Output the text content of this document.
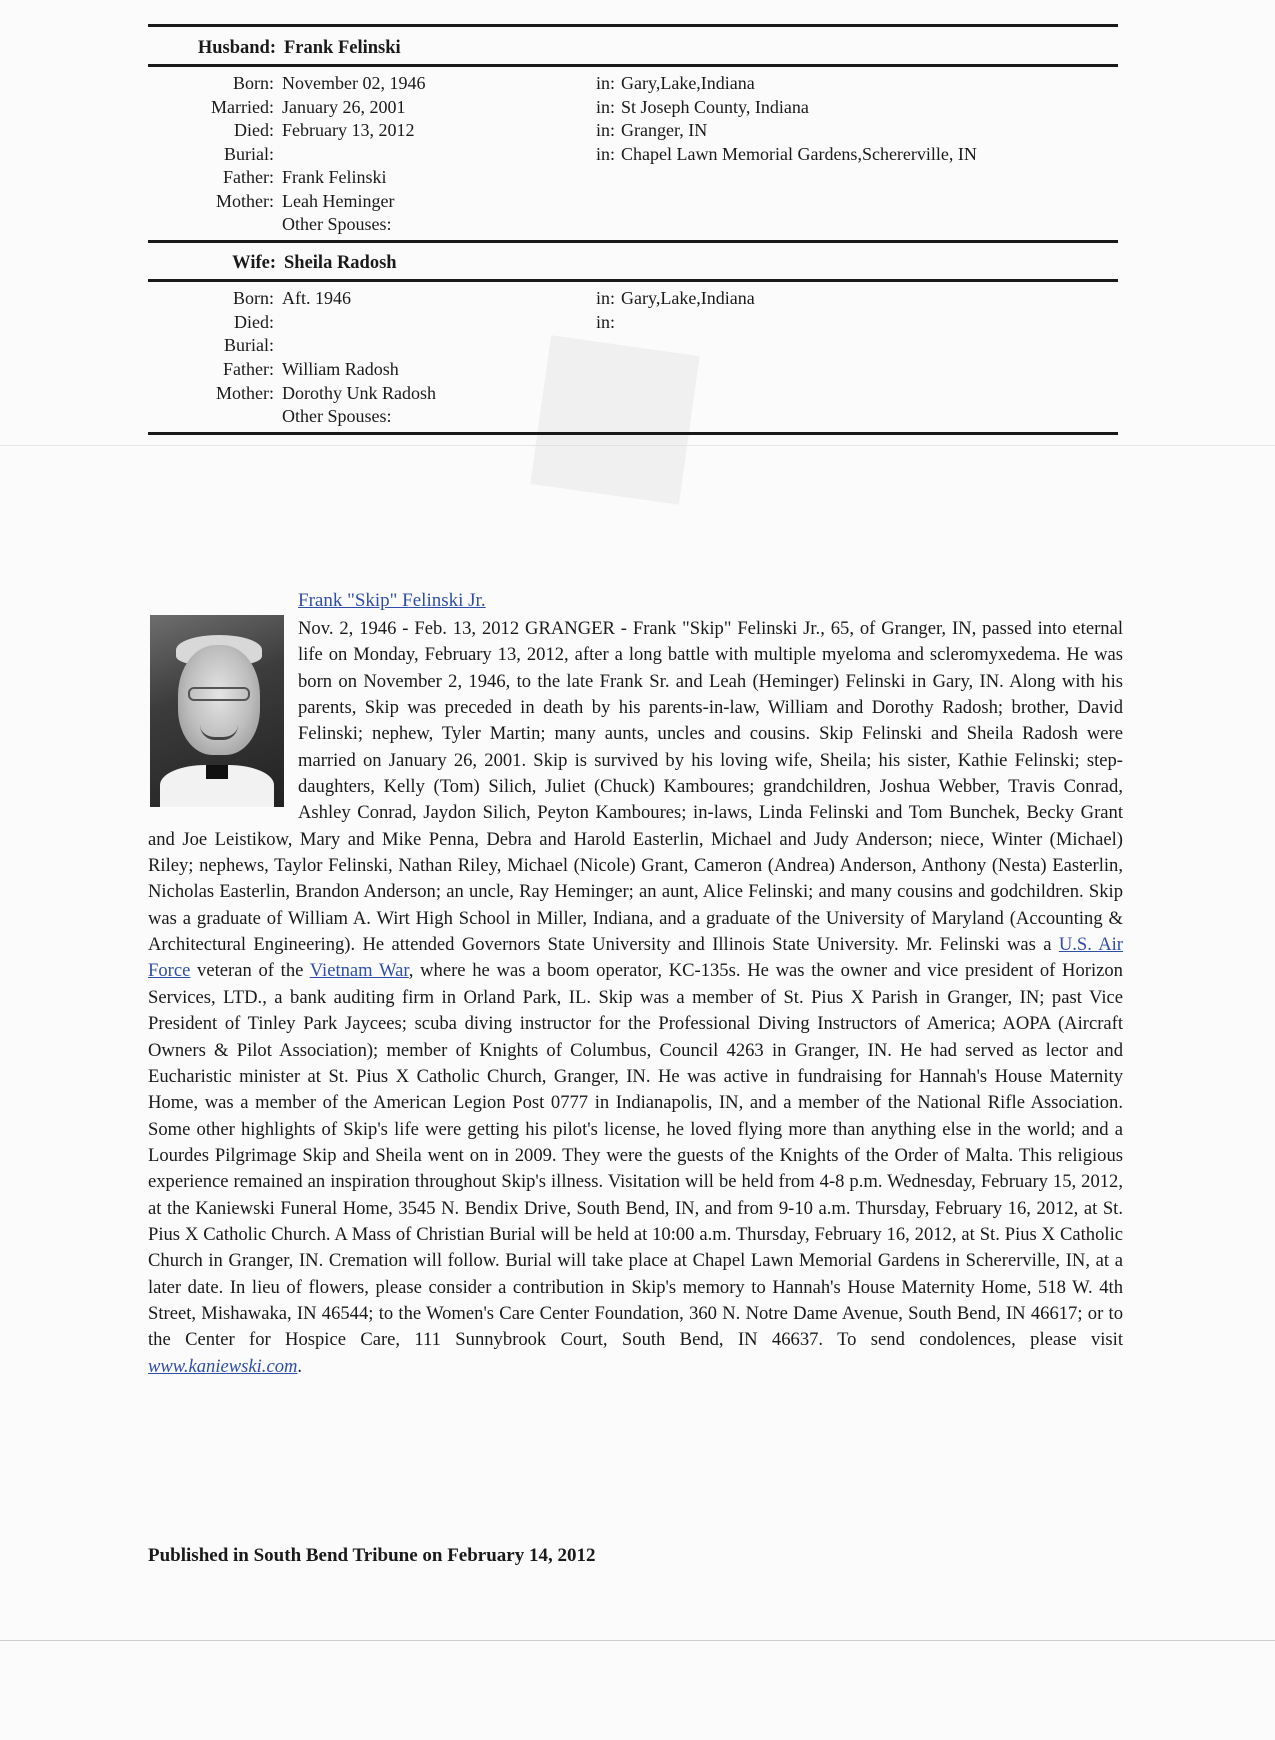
Husband: Frank Felinski
Born: November 02, 1946	in: Gary,Lake,Indiana
Married: January 26, 2001	in: St Joseph County, Indiana
Died: February 13, 2012	in: Granger, IN
Burial:	in: Chapel Lawn Memorial Gardens,Schererville, IN
Father: Frank Felinski
Mother: Leah Heminger
Other Spouses:
Wife: Sheila Radosh
Born: Aft. 1946	in: Gary,Lake,Indiana
Died:	in:
Burial:
Father: William Radosh
Mother: Dorothy Unk Radosh
Other Spouses:
Frank "Skip" Felinski Jr.
Nov. 2, 1946 - Feb. 13, 2012 GRANGER - Frank "Skip" Felinski Jr., 65, of Granger, IN, passed into eternal life on Monday, February 13, 2012, after a long battle with multiple myeloma and scleromyxedema. He was born on November 2, 1946, to the late Frank Sr. and Leah (Heminger) Felinski in Gary, IN. Along with his parents, Skip was preceded in death by his parents-in-law, William and Dorothy Radosh; brother, David Felinski; nephew, Tyler Martin; many aunts, uncles and cousins. Skip Felinski and Sheila Radosh were married on January 26, 2001. Skip is survived by his loving wife, Sheila; his sister, Kathie Felinski; step-daughters, Kelly (Tom) Silich, Juliet (Chuck) Kamboures; grandchildren, Joshua Webber, Travis Conrad, Ashley Conrad, Jaydon Silich, Peyton Kamboures; in-laws, Linda Felinski and Tom Bunchek, Becky Grant and Joe Leistikow, Mary and Mike Penna, Debra and Harold Easterlin, Michael and Judy Anderson; niece, Winter (Michael) Riley; nephews, Taylor Felinski, Nathan Riley, Michael (Nicole) Grant, Cameron (Andrea) Anderson, Anthony (Nesta) Easterlin, Nicholas Easterlin, Brandon Anderson; an uncle, Ray Heminger; an aunt, Alice Felinski; and many cousins and godchildren. Skip was a graduate of William A. Wirt High School in Miller, Indiana, and a graduate of the University of Maryland (Accounting & Architectural Engineering). He attended Governors State University and Illinois State University. Mr. Felinski was a U.S. Air Force veteran of the Vietnam War, where he was a boom operator, KC-135s. He was the owner and vice president of Horizon Services, LTD., a bank auditing firm in Orland Park, IL. Skip was a member of St. Pius X Parish in Granger, IN; past Vice President of Tinley Park Jaycees; scuba diving instructor for the Professional Diving Instructors of America; AOPA (Aircraft Owners & Pilot Association); member of Knights of Columbus, Council 4263 in Granger, IN. He had served as lector and Eucharistic minister at St. Pius X Catholic Church, Granger, IN. He was active in fundraising for Hannah's House Maternity Home, was a member of the American Legion Post 0777 in Indianapolis, IN, and a member of the National Rifle Association. Some other highlights of Skip's life were getting his pilot's license, he loved flying more than anything else in the world; and a Lourdes Pilgrimage Skip and Sheila went on in 2009. They were the guests of the Knights of the Order of Malta. This religious experience remained an inspiration throughout Skip's illness. Visitation will be held from 4-8 p.m. Wednesday, February 15, 2012, at the Kaniewski Funeral Home, 3545 N. Bendix Drive, South Bend, IN, and from 9-10 a.m. Thursday, February 16, 2012, at St. Pius X Catholic Church. A Mass of Christian Burial will be held at 10:00 a.m. Thursday, February 16, 2012, at St. Pius X Catholic Church in Granger, IN. Cremation will follow. Burial will take place at Chapel Lawn Memorial Gardens in Schererville, IN, at a later date. In lieu of flowers, please consider a contribution in Skip's memory to Hannah's House Maternity Home, 518 W. 4th Street, Mishawaka, IN 46544; to the Women's Care Center Foundation, 360 N. Notre Dame Avenue, South Bend, IN 46617; or to the Center for Hospice Care, 111 Sunnybrook Court, South Bend, IN 46637. To send condolences, please visit www.kaniewski.com.
Published in South Bend Tribune on February 14, 2012
